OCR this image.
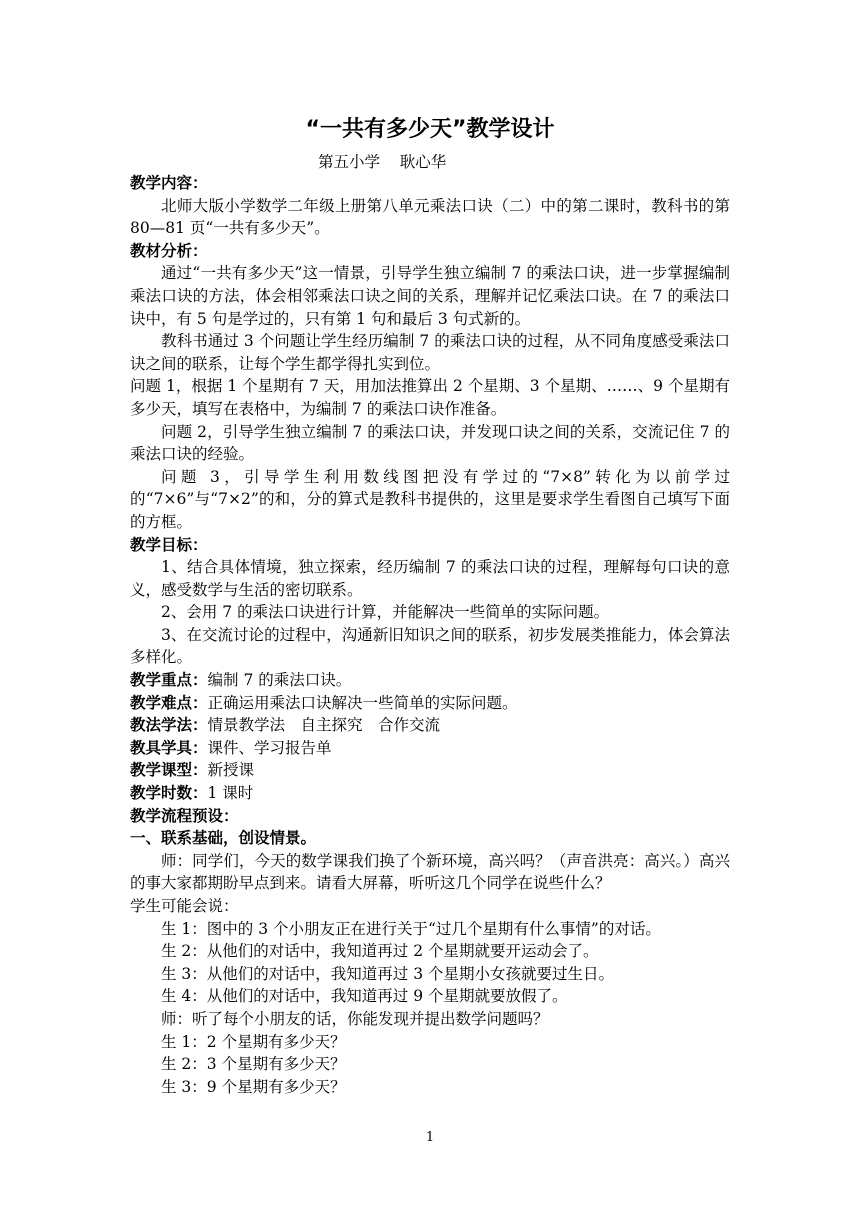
“一共有多少天”教学设计
第五小学    耿心华

教学内容：

北师大版小学数学二年级上册第八单元乘法口诀（二）中的第二课时，教科书的第 80—81 页“一共有多少天”。

教材分析：

通过“一共有多少天”这一情景，引导学生独立编制 7 的乘法口诀，进一步掌握编制乘法口诀的方法，体会相邻乘法口诀之间的关系，理解并记忆乘法口诀。在 7 的乘法口诀中，有 5 句是学过的，只有第 1 句和最后 3 句式新的。

教科书通过 3 个问题让学生经历编制 7 的乘法口诀的过程，从不同角度感受乘法口诀之间的联系，让每个学生都学得扎实到位。

问题 1，根据 1 个星期有 7 天，用加法推算出 2 个星期、3 个星期、……、9 个星期有多少天，填写在表格中，为编制 7 的乘法口诀作准备。

问题 2，引导学生独立编制 7 的乘法口诀，并发现口诀之间的关系，交流记住 7 的乘法口诀的经验。

问题 3，引导学生利用数线图把没有学过的“7×8”转化为以前学过的“7×6”与“7×2”的和，分的算式是教科书提供的，这里是要求学生看图自己填写下面的方框。

教学目标：

1、结合具体情境，独立探索，经历编制 7 的乘法口诀的过程，理解每句口诀的意义，感受数学与生活的密切联系。

2、会用 7 的乘法口诀进行计算，并能解决一些简单的实际问题。

3、在交流讨论的过程中，沟通新旧知识之间的联系，初步发展类推能力，体会算法多样化。

教学重点：编制 7 的乘法口诀。

教学难点：正确运用乘法口诀解决一些简单的实际问题。

教法学法：情景教学法　自主探究　合作交流

教具学具：课件、学习报告单

教学课型：新授课

教学时数：1 课时

教学流程预设：

一、联系基础，创设情景。

师：同学们，今天的数学课我们换了个新环境，高兴吗？（声音洪亮：高兴。）高兴的事大家都期盼早点到来。请看大屏幕，听听这几个同学在说些什么？

学生可能会说：

生 1：图中的 3 个小朋友正在进行关于“过几个星期有什么事情”的对话。

生 2：从他们的对话中，我知道再过 2 个星期就要开运动会了。

生 3：从他们的对话中，我知道再过 3 个星期小女孩就要过生日。

生 4：从他们的对话中，我知道再过 9 个星期就要放假了。

师：听了每个小朋友的话，你能发现并提出数学问题吗？

生 1：2 个星期有多少天？

生 2：3 个星期有多少天？

生 3：9 个星期有多少天？

1
